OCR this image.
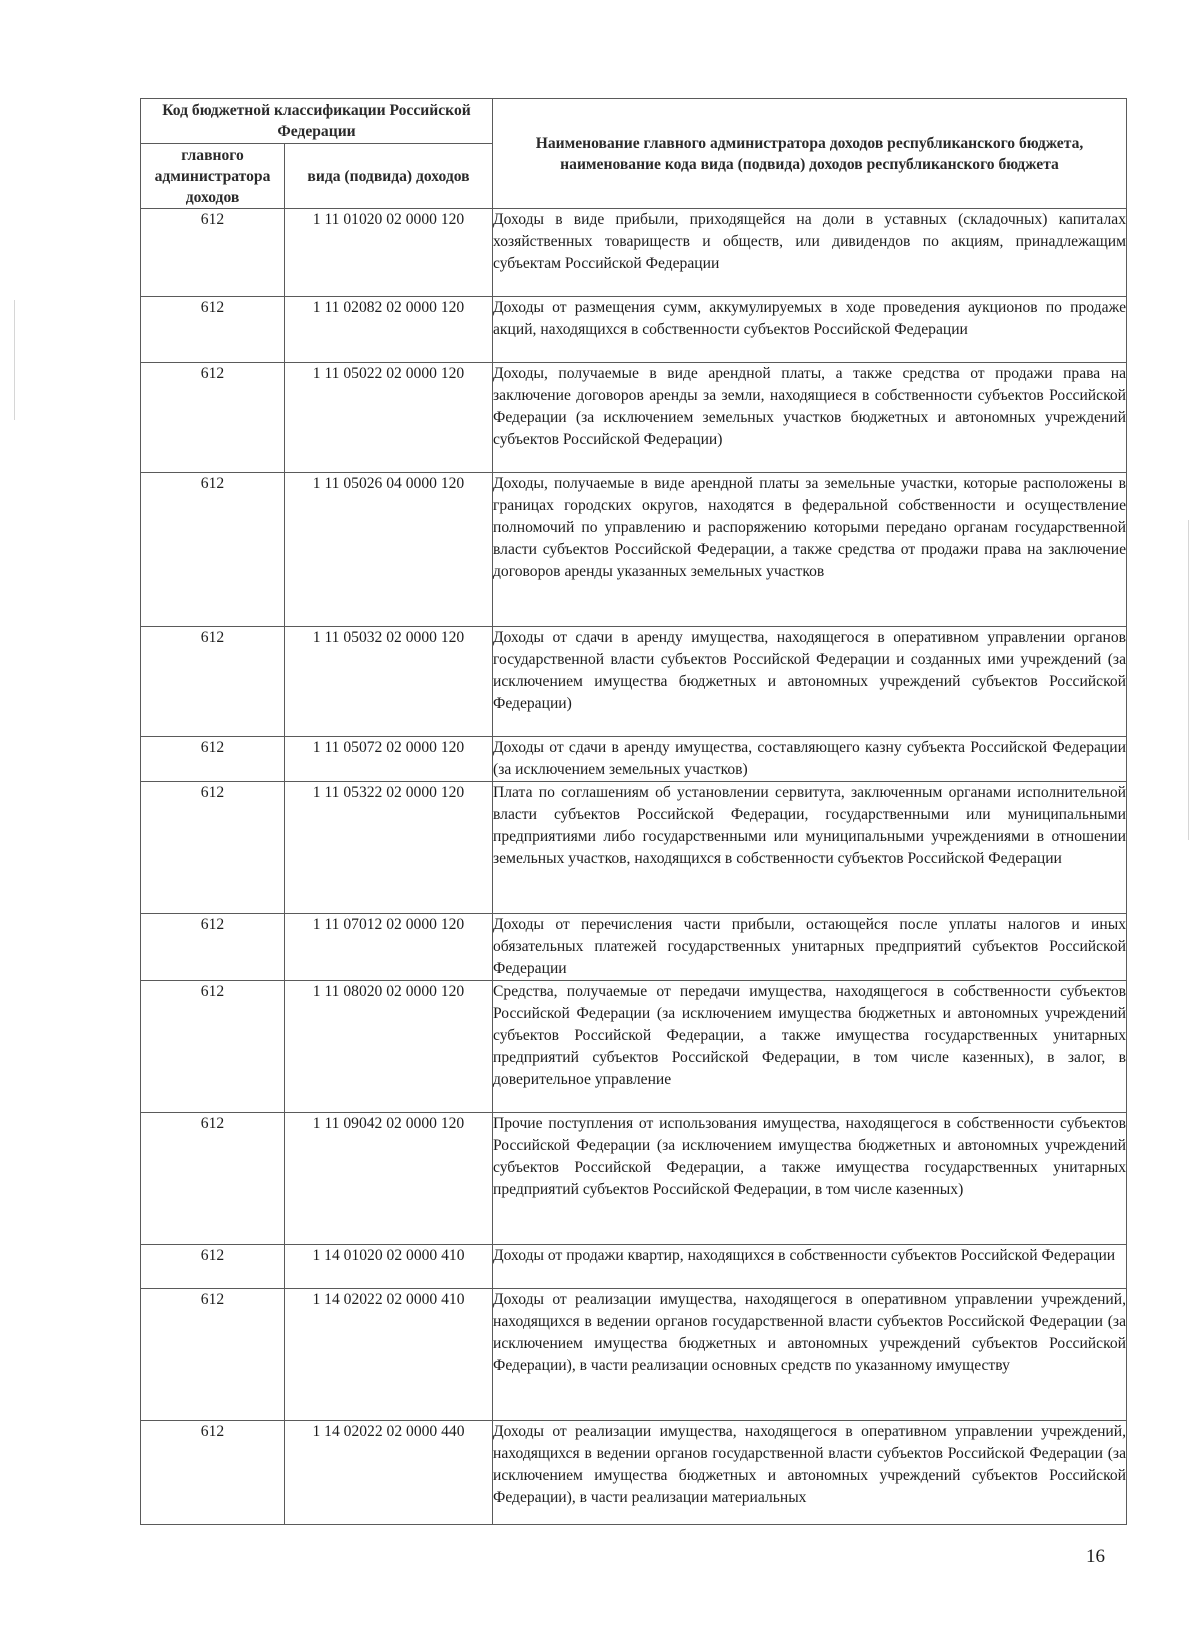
Код бюджетной классификации Российской Федерации		Наименование главного администратора доходов республиканского бюджета, наименование кода вида (подвида) доходов республиканского бюджета
главного администратора доходов	вида (подвида) доходов	
612	1 11 01020 02 0000 120	Доходы в виде прибыли, приходящейся на доли в уставных (складочных) капиталах хозяйственных товариществ и обществ, или дивидендов по акциям, принадлежащим субъектам Российской Федерации
612	1 11 02082 02 0000 120	Доходы от размещения сумм, аккумулируемых в ходе проведения аукционов по продаже акций, находящихся в собственности субъектов Российской Федерации
612	1 11 05022 02 0000 120	Доходы, получаемые в виде арендной платы, а также средства от продажи права на заключение договоров аренды за земли, находящиеся в собственности субъектов Российской Федерации (за исключением земельных участков бюджетных и автономных учреждений субъектов Российской Федерации)
612	1 11 05026 04 0000 120	Доходы, получаемые в виде арендной платы за земельные участки, которые расположены в границах городских округов, находятся в федеральной собственности и осуществление полномочий по управлению и распоряжению которыми передано органам государственной власти субъектов Российской Федерации, а также средства от продажи права на заключение договоров аренды указанных земельных участков
612	1 11 05032 02 0000 120	Доходы от сдачи в аренду имущества, находящегося в оперативном управлении органов государственной власти субъектов Российской Федерации и созданных ими учреждений (за исключением имущества бюджетных и автономных учреждений субъектов Российской Федерации)
612	1 11 05072 02 0000 120	Доходы от сдачи в аренду имущества, составляющего казну субъекта Российской Федерации (за исключением земельных участков)
612	1 11 05322 02 0000 120	Плата по соглашениям об установлении сервитута, заключенным органами исполнительной власти субъектов Российской Федерации, государственными или муниципальными предприятиями либо государственными или муниципальными учреждениями в отношении земельных участков, находящихся в собственности субъектов Российской Федерации
612	1 11 07012 02 0000 120	Доходы от перечисления части прибыли, остающейся после уплаты налогов и иных обязательных платежей государственных унитарных предприятий субъектов Российской Федерации
612	1 11 08020 02 0000 120	Средства, получаемые от передачи имущества, находящегося в собственности субъектов Российской Федерации (за исключением имущества бюджетных и автономных учреждений субъектов Российской Федерации, а также имущества государственных унитарных предприятий субъектов Российской Федерации, в том числе казенных), в залог, в доверительное управление
612	1 11 09042 02 0000 120	Прочие поступления от использования имущества, находящегося в собственности субъектов Российской Федерации (за исключением имущества бюджетных и автономных учреждений субъектов Российской Федерации, а также имущества государственных унитарных предприятий субъектов Российской Федерации, в том числе казенных)
612	1 14 01020 02 0000 410	Доходы от продажи квартир, находящихся в собственности субъектов Российской Федерации
612	1 14 02022 02 0000 410	Доходы от реализации имущества, находящегося в оперативном управлении учреждений, находящихся в ведении органов государственной власти субъектов Российской Федерации (за исключением имущества бюджетных и автономных учреждений субъектов Российской Федерации), в части реализации основных средств по указанному имуществу
612	1 14 02022 02 0000 440	Доходы от реализации имущества, находящегося в оперативном управлении учреждений, находящихся в ведении органов государственной власти субъектов Российской Федерации (за исключением имущества бюджетных и автономных учреждений субъектов Российской Федерации), в части реализации материальных
16
